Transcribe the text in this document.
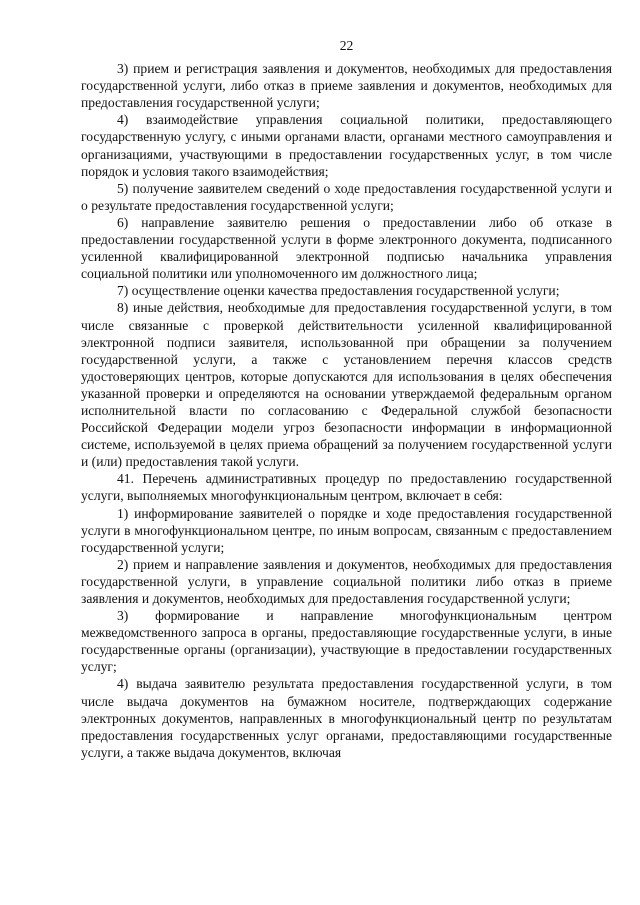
22

3) прием и регистрация заявления и документов, необходимых для предоставления государственной услуги, либо отказ в приеме заявления и документов, необходимых для предоставления государственной услуги;

4) взаимодействие управления социальной политики, предоставляющего государственную услугу, с иными органами власти, органами местного самоуправления и организациями, участвующими в предоставлении государственных услуг, в том числе порядок и условия такого взаимодействия;

5) получение заявителем сведений о ходе предоставления государственной услуги и о результате предоставления государственной услуги;

6) направление заявителю решения о предоставлении либо об отказе в предоставлении государственной услуги в форме электронного документа, подписанного усиленной квалифицированной электронной подписью начальника управления социальной политики или уполномоченного им должностного лица;

7) осуществление оценки качества предоставления государственной услуги;

8) иные действия, необходимые для предоставления государственной услуги, в том числе связанные с проверкой действительности усиленной квалифицированной электронной подписи заявителя, использованной при обращении за получением государственной услуги, а также с установлением перечня классов средств удостоверяющих центров, которые допускаются для использования в целях обеспечения указанной проверки и определяются на основании утверждаемой федеральным органом исполнительной власти по согласованию с Федеральной службой безопасности Российской Федерации модели угроз безопасности информации в информационной системе, используемой в целях приема обращений за получением государственной услуги и (или) предоставления такой услуги.

41. Перечень административных процедур по предоставлению государственной услуги, выполняемых многофункциональным центром, включает в себя:

1) информирование заявителей о порядке и ходе предоставления государственной услуги в многофункциональном центре, по иным вопросам, связанным с предоставлением государственной услуги;

2) прием и направление заявления и документов, необходимых для предоставления государственной услуги, в управление социальной политики либо отказ в приеме заявления и документов, необходимых для предоставления государственной услуги;

3) формирование и направление многофункциональным центром межведомственного запроса в органы, предоставляющие государственные услуги, в иные государственные органы (организации), участвующие в предоставлении государственных услуг;

4) выдача заявителю результата предоставления государственной услуги, в том числе выдача документов на бумажном носителе, подтверждающих содержание электронных документов, направленных в многофункциональный центр по результатам предоставления государственных услуг органами, предоставляющими государственные услуги, а также выдача документов, включая
